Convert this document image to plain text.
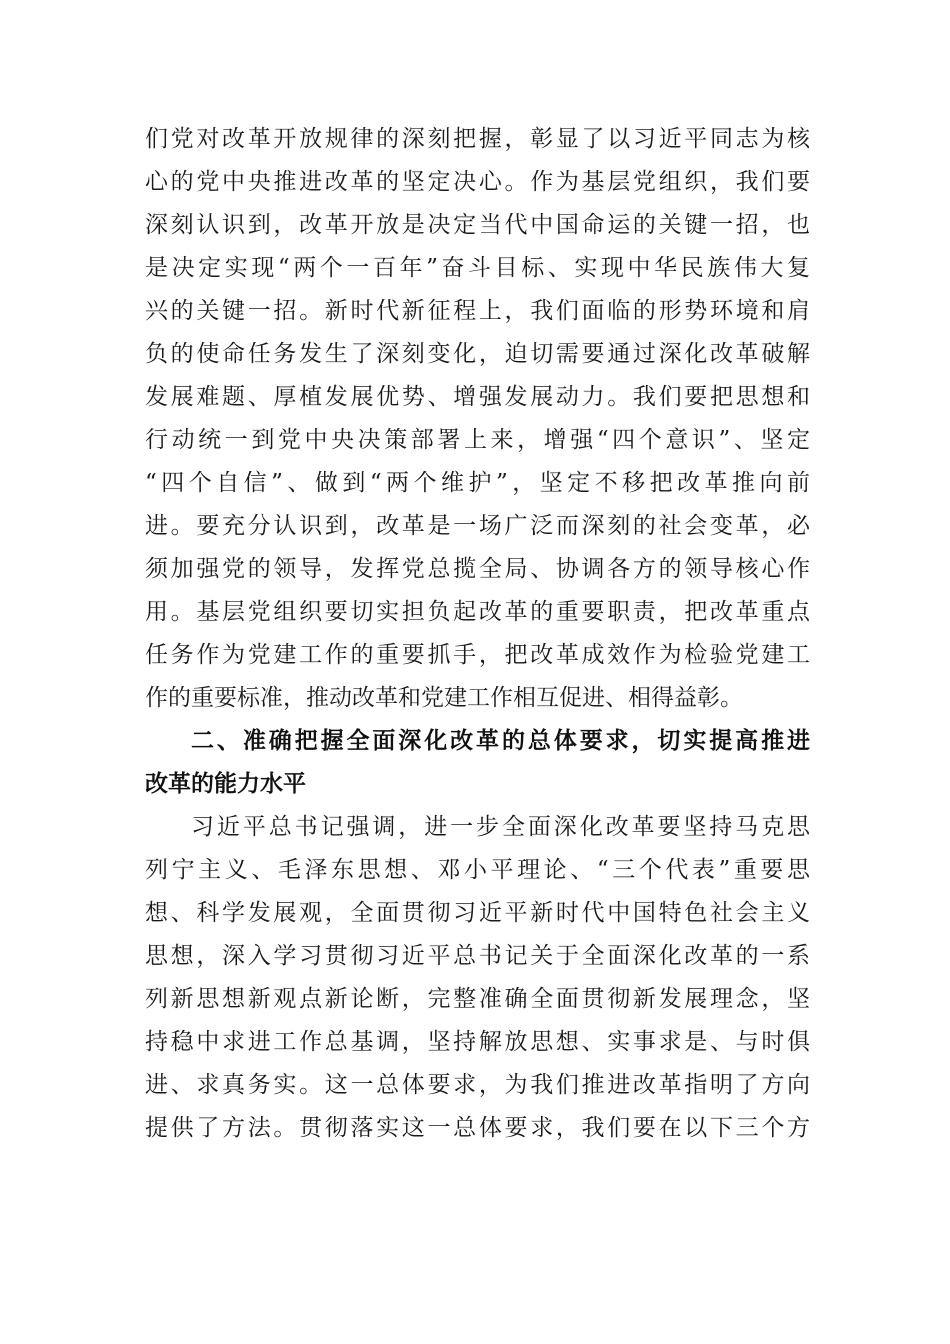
们党对改革开放规律的深刻把握，彰显了以习近平同志为核
心的党中央推进改革的坚定决心。作为基层党组织，我们要
深刻认识到，改革开放是决定当代中国命运的关键一招，也
是决定实现“两个一百年”奋斗目标、实现中华民族伟大复
兴的关键一招。新时代新征程上，我们面临的形势环境和肩
负的使命任务发生了深刻变化，迫切需要通过深化改革破解
发展难题、厚植发展优势、增强发展动力。我们要把思想和
行动统一到党中央决策部署上来，增强“四个意识”、坚定
“四个自信”、做到“两个维护”，坚定不移把改革推向前
进。要充分认识到，改革是一场广泛而深刻的社会变革，必
须加强党的领导，发挥党总揽全局、协调各方的领导核心作
用。基层党组织要切实担负起改革的重要职责，把改革重点
任务作为党建工作的重要抓手，把改革成效作为检验党建工
作的重要标准，推动改革和党建工作相互促进、相得益彰。
二、准确把握全面深化改革的总体要求，切实提高推进
改革的能力水平
习近平总书记强调，进一步全面深化改革要坚持马克思
列宁主义、毛泽东思想、邓小平理论、“三个代表”重要思
想、科学发展观，全面贯彻习近平新时代中国特色社会主义
思想，深入学习贯彻习近平总书记关于全面深化改革的一系
列新思想新观点新论断，完整准确全面贯彻新发展理念，坚
持稳中求进工作总基调，坚持解放思想、实事求是、与时俱
进、求真务实。这一总体要求，为我们推进改革指明了方向
提供了方法。贯彻落实这一总体要求，我们要在以下三个方
